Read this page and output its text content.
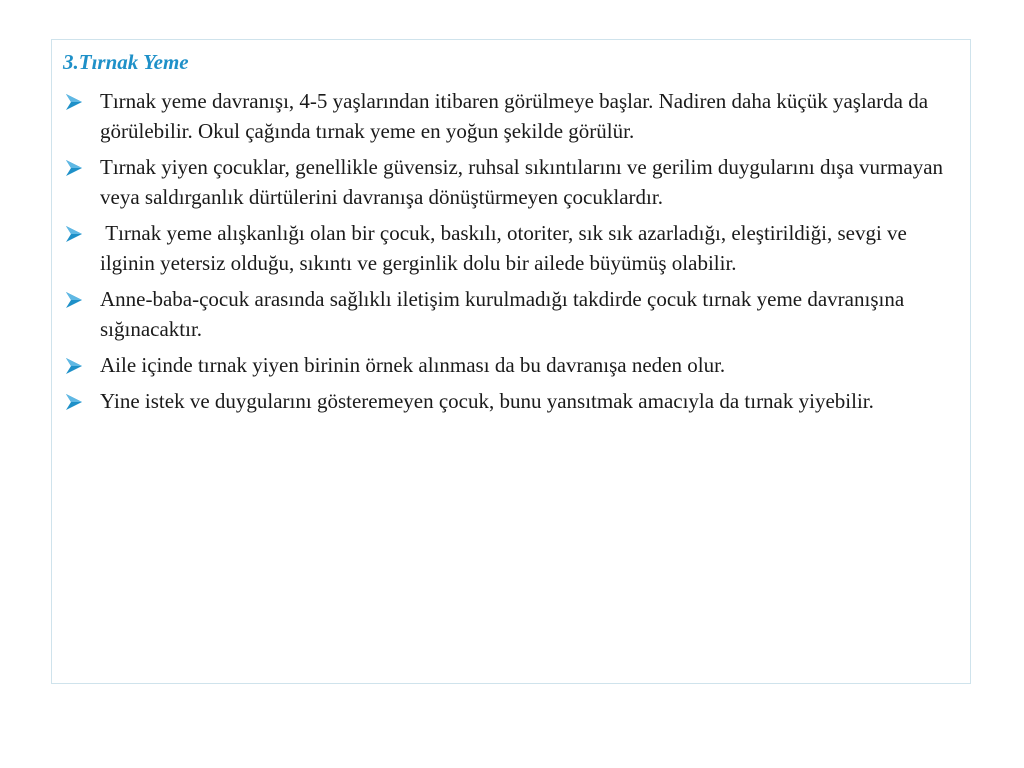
3.Tırnak Yeme
Tırnak yeme davranışı, 4-5 yaşlarından itibaren görülmeye başlar. Nadiren daha küçük yaşlarda da görülebilir. Okul çağında tırnak yeme en yoğun şekilde görülür.
Tırnak yiyen çocuklar, genellikle güvensiz, ruhsal sıkıntılarını ve gerilim duygularını dışa vurmayan veya saldırganlık dürtülerini davranışa dönüştürmeyen çocuklardır.
Tırnak yeme alışkanlığı olan bir çocuk, baskılı, otoriter, sık sık azarladığı, eleştirildiği, sevgi ve ilginin yetersiz olduğu, sıkıntı ve gerginlik dolu bir ailede büyümüş olabilir.
Anne-baba-çocuk arasında sağlıklı iletişim kurulmadığı takdirde çocuk tırnak yeme davranışına sığınacaktır.
Aile içinde tırnak yiyen birinin örnek alınması da bu davranışa neden olur.
Yine istek ve duygularını gösteremeyen çocuk, bunu yansıtmak amacıyla da tırnak yiyebilir.
